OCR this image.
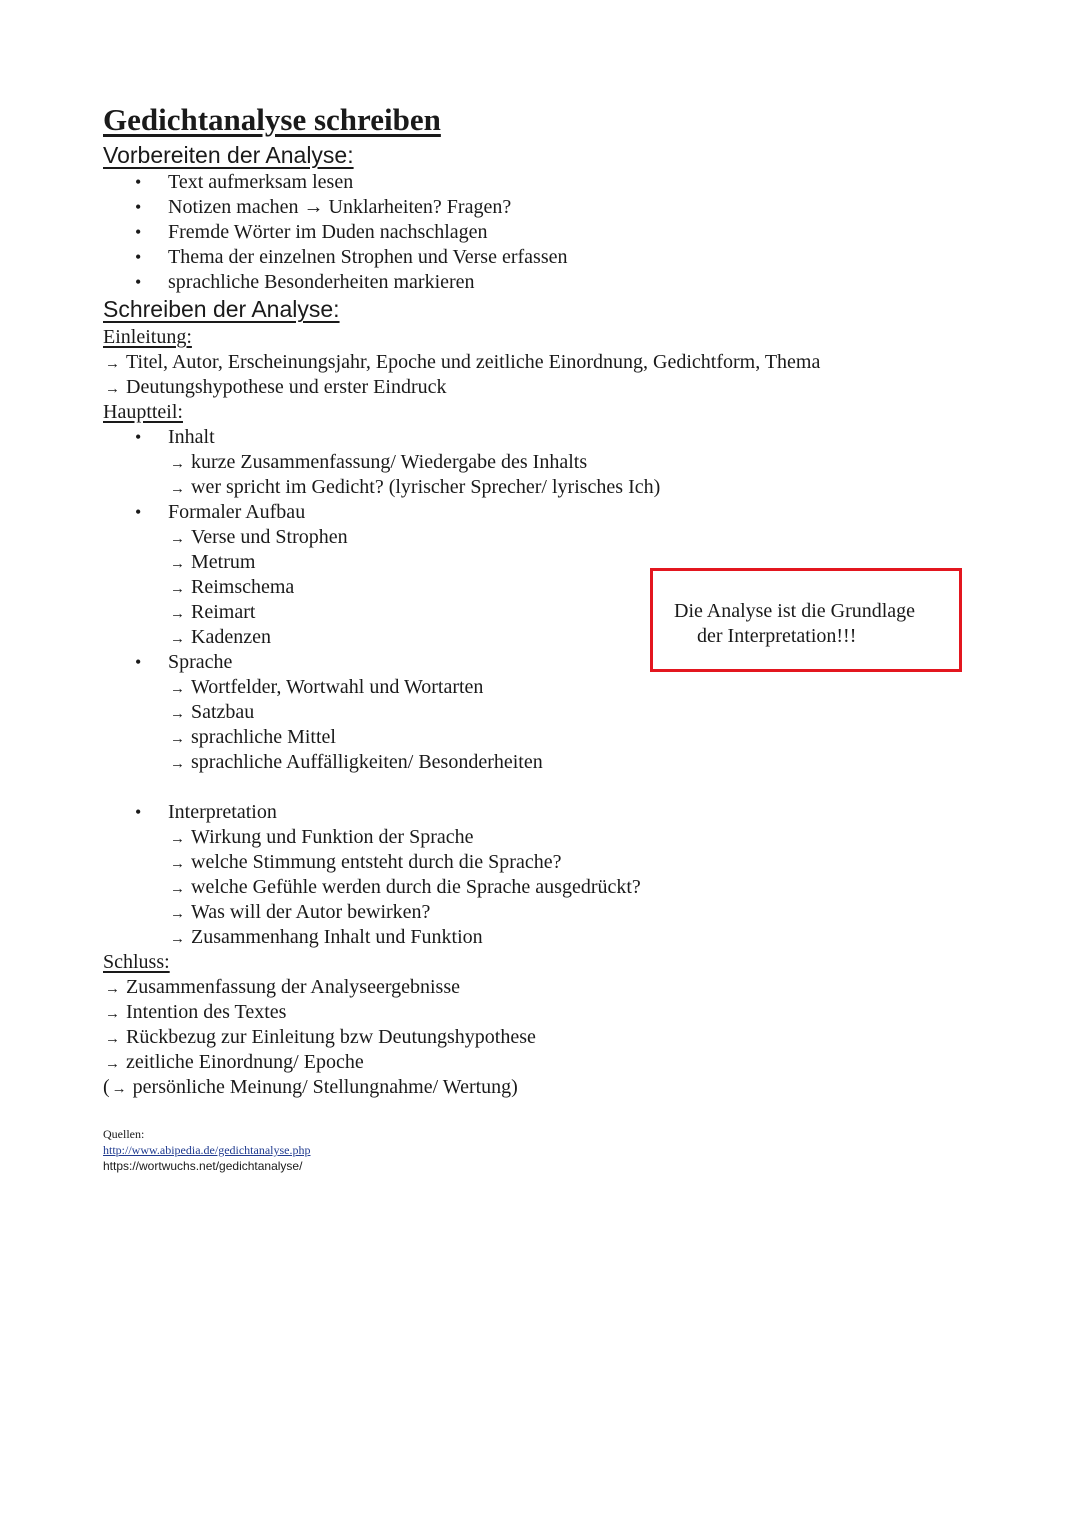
Gedichtanalyse schreiben
Vorbereiten der Analyse:
• Text aufmerksam lesen
• Notizen machen → Unklarheiten? Fragen?
• Fremde Wörter im Duden nachschlagen
• Thema der einzelnen Strophen und Verse erfassen
• sprachliche Besonderheiten markieren
Schreiben der Analyse:
Einleitung:
→ Titel, Autor, Erscheinungsjahr, Epoche und zeitliche Einordnung, Gedichtform, Thema
→ Deutungshypothese und erster Eindruck
Hauptteil:
• Inhalt
→ kurze Zusammenfassung/ Wiedergabe des Inhalts
→ wer spricht im Gedicht? (lyrischer Sprecher/ lyrisches Ich)
• Formaler Aufbau
→ Verse und Strophen
→ Metrum
→ Reimschema
→ Reimart
→ Kadenzen
• Sprache
→ Wortfelder, Wortwahl und Wortarten
→ Satzbau
→ sprachliche Mittel
→ sprachliche Auffälligkeiten/ Besonderheiten
• Interpretation
→ Wirkung und Funktion der Sprache
→ welche Stimmung entsteht durch die Sprache?
→ welche Gefühle werden durch die Sprache ausgedrückt?
→ Was will der Autor bewirken?
→ Zusammenhang Inhalt und Funktion
Schluss:
→ Zusammenfassung der Analyseergebnisse
→ Intention des Textes
→ Rückbezug zur Einleitung bzw Deutungshypothese
→ zeitliche Einordnung/ Epoche
( → persönliche Meinung/ Stellungnahme/ Wertung)
Die Analyse ist die Grundlage
der Interpretation!!!
Quellen:
http://www.abipedia.de/gedichtanalyse.php
https://wortwuchs.net/gedichtanalyse/
